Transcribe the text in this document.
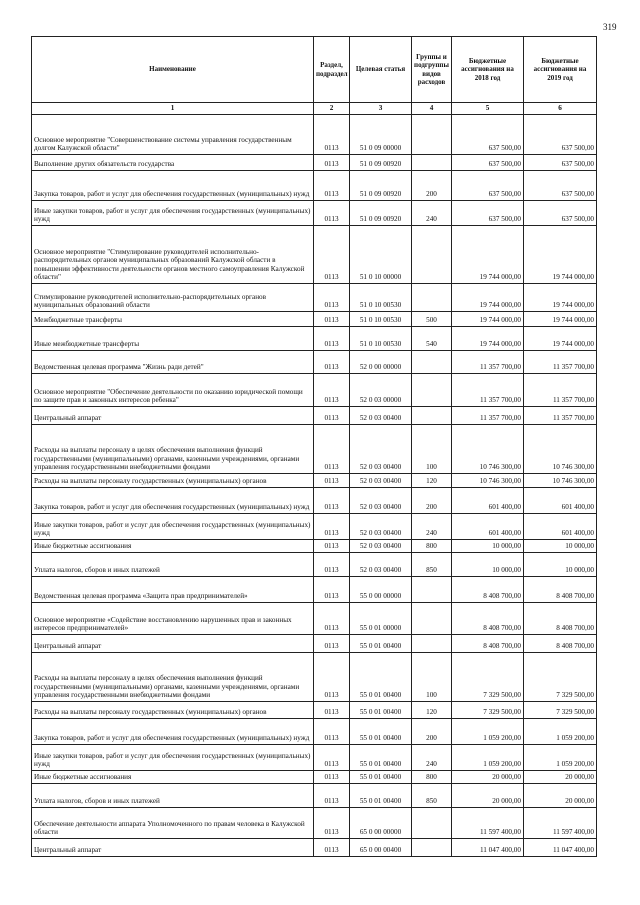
319
Наименование	Раздел, подраздел	Целевая статья	Группы и подгруппы видов расходов	Бюджетные ассигнования на 2018 год	Бюджетные ассигнования на 2019 год
1	2	3	4	5	6
Основное мероприятие "Совершенствование системы управления государственным долгом Калужской области"	0113	51 0 09 00000		637 500,00	637 500,00
Выполнение других обязательств государства	0113	51 0 09 00920		637 500,00	637 500,00
Закупка товаров, работ и услуг для обеспечения государственных (муниципальных) нужд	0113	51 0 09 00920	200	637 500,00	637 500,00
Иные закупки товаров, работ и услуг для обеспечения государственных (муниципальных) нужд	0113	51 0 09 00920	240	637 500,00	637 500,00
Основное мероприятие "Стимулирование руководителей исполнительно-распорядительных органов муниципальных образований Калужской области в повышении эффективности деятельности органов местного самоуправления Калужской области"	0113	51 0 10 00000		19 744 000,00	19 744 000,00
Стимулирование руководителей исполнительно-распорядительных органов муниципальных образований области	0113	51 0 10 00530		19 744 000,00	19 744 000,00
Межбюджетные трансферты	0113	51 0 10 00530	500	19 744 000,00	19 744 000,00
Иные межбюджетные трансферты	0113	51 0 10 00530	540	19 744 000,00	19 744 000,00
Ведомственная целевая программа "Жизнь ради детей"	0113	52 0 00 00000		11 357 700,00	11 357 700,00
Основное мероприятие "Обеспечение деятельности по оказанию юридической помощи по защите прав и законных интересов ребенка"	0113	52 0 03 00000		11 357 700,00	11 357 700,00
Центральный аппарат	0113	52 0 03 00400		11 357 700,00	11 357 700,00
Расходы на выплаты персоналу в целях обеспечения выполнения функций государственными (муниципальными) органами, казенными учреждениями, органами управления государственными внебюджетными фондами	0113	52 0 03 00400	100	10 746 300,00	10 746 300,00
Расходы на выплаты персоналу государственных (муниципальных) органов	0113	52 0 03 00400	120	10 746 300,00	10 746 300,00
Закупка товаров, работ и услуг для обеспечения государственных (муниципальных) нужд	0113	52 0 03 00400	200	601 400,00	601 400,00
Иные закупки товаров, работ и услуг для обеспечения государственных (муниципальных) нужд	0113	52 0 03 00400	240	601 400,00	601 400,00
Иные бюджетные ассигнования	0113	52 0 03 00400	800	10 000,00	10 000,00
Уплата налогов, сборов и иных платежей	0113	52 0 03 00400	850	10 000,00	10 000,00
Ведомственная целевая программа «Защита прав предпринимателей»	0113	55 0 00 00000		8 408 700,00	8 408 700,00
Основное мероприятие «Содействие восстановлению нарушенных прав и законных интересов предпринимателей»	0113	55 0 01 00000		8 408 700,00	8 408 700,00
Центральный аппарат	0113	55 0 01 00400		8 408 700,00	8 408 700,00
Расходы на выплаты персоналу в целях обеспечения выполнения функций государственными (муниципальными) органами, казенными учреждениями, органами управления государственными внебюджетными фондами	0113	55 0 01 00400	100	7 329 500,00	7 329 500,00
Расходы на выплаты персоналу государственных (муниципальных) органов	0113	55 0 01 00400	120	7 329 500,00	7 329 500,00
Закупка товаров, работ и услуг для обеспечения государственных (муниципальных) нужд	0113	55 0 01 00400	200	1 059 200,00	1 059 200,00
Иные закупки товаров, работ и услуг для обеспечения государственных (муниципальных) нужд	0113	55 0 01 00400	240	1 059 200,00	1 059 200,00
Иные бюджетные ассигнования	0113	55 0 01 00400	800	20 000,00	20 000,00
Уплата налогов, сборов и иных платежей	0113	55 0 01 00400	850	20 000,00	20 000,00
Обеспечение деятельности аппарата Уполномоченного по правам человека в Калужской области	0113	65 0 00 00000		11 597 400,00	11 597 400,00
Центральный аппарат	0113	65 0 00 00400		11 047 400,00	11 047 400,00
